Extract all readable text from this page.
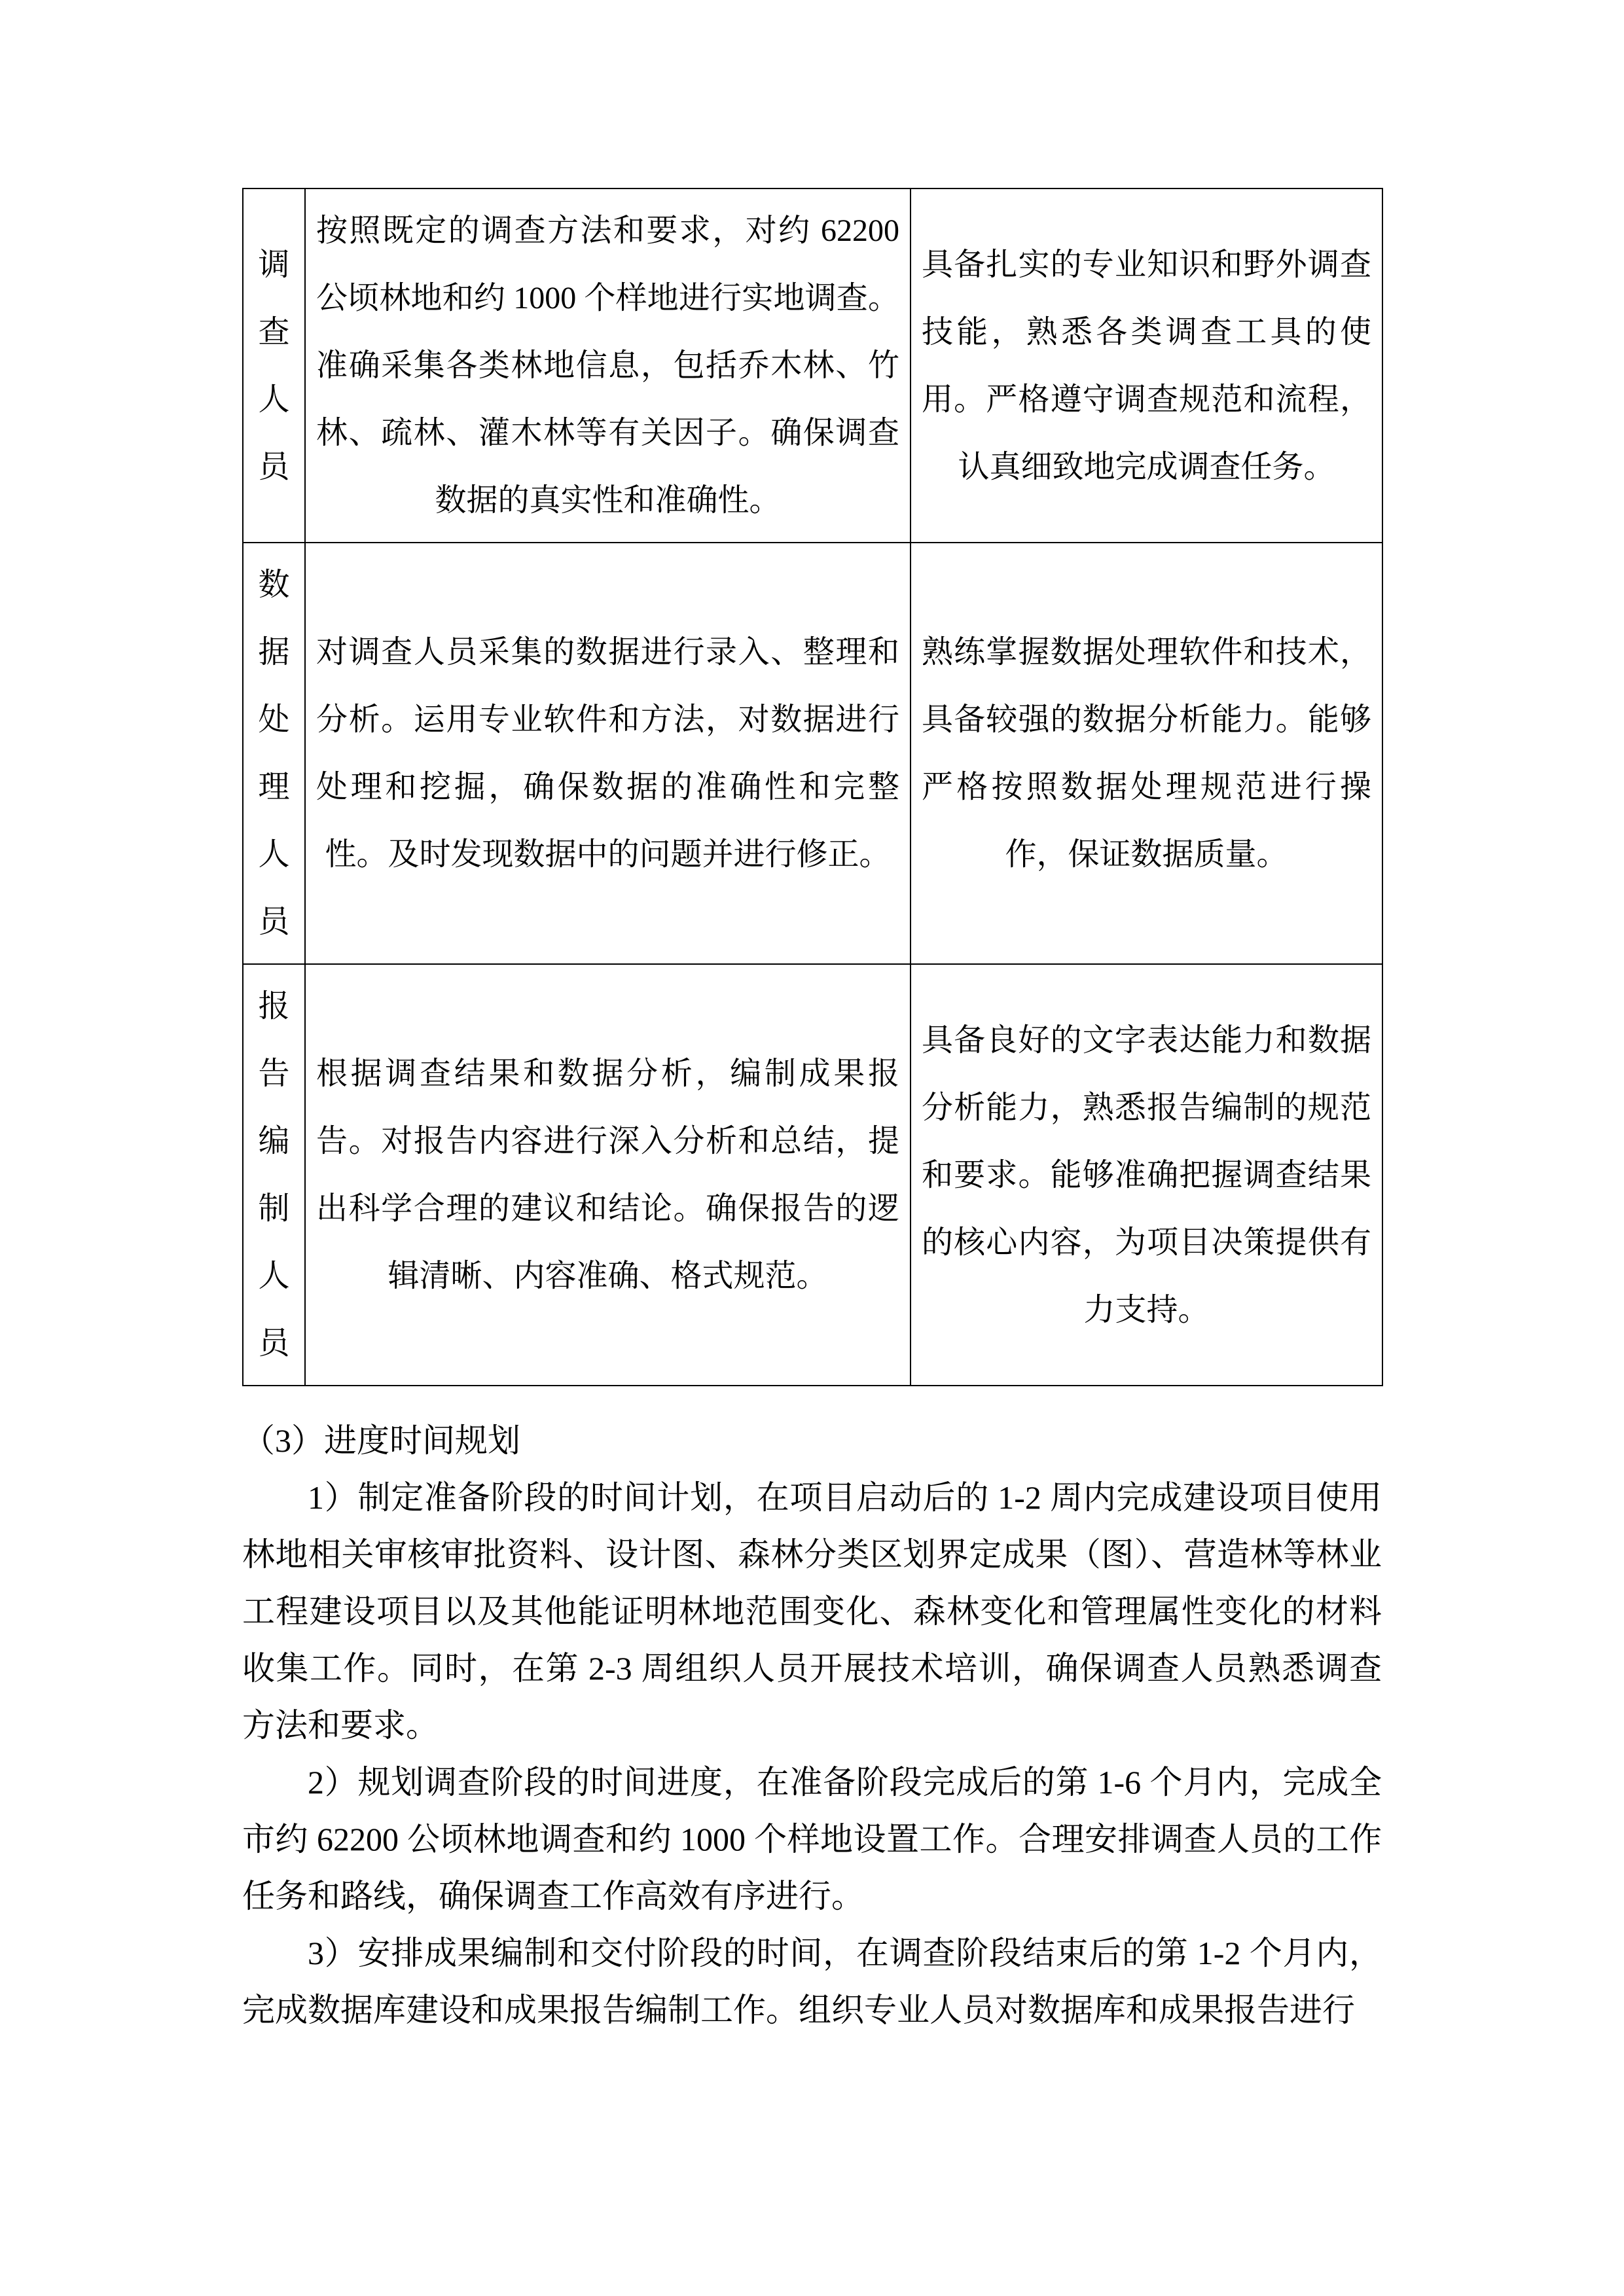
调查人员	按照既定的调查方法和要求，对约 62200 公顷林地和约 1000 个样地进行实地调查。准确采集各类林地信息，包括乔木林、竹林、疏林、灌木林等有关因子。确保调查数据的真实性和准确性。	具备扎实的专业知识和野外调查技能，熟悉各类调查工具的使用。严格遵守调查规范和流程，认真细致地完成调查任务。
数据处理人员	对调查人员采集的数据进行录入、整理和分析。运用专业软件和方法，对数据进行处理和挖掘，确保数据的准确性和完整性。及时发现数据中的问题并进行修正。	熟练掌握数据处理软件和技术，具备较强的数据分析能力。能够严格按照数据处理规范进行操作，保证数据质量。
报告编制人员	根据调查结果和数据分析，编制成果报告。对报告内容进行深入分析和总结，提出科学合理的建议和结论。确保报告的逻辑清晰、内容准确、格式规范。	具备良好的文字表达能力和数据分析能力，熟悉报告编制的规范和要求。能够准确把握调查结果的核心内容，为项目决策提供有力支持。

（3）进度时间规划

1）制定准备阶段的时间计划，在项目启动后的 1-2 周内完成建设项目使用林地相关审核审批资料、设计图、森林分类区划界定成果（图）、营造林等林业工程建设项目以及其他能证明林地范围变化、森林变化和管理属性变化的材料收集工作。同时，在第 2-3 周组织人员开展技术培训，确保调查人员熟悉调查方法和要求。

2）规划调查阶段的时间进度，在准备阶段完成后的第 1-6 个月内，完成全市约 62200 公顷林地调查和约 1000 个样地设置工作。合理安排调查人员的工作任务和路线，确保调查工作高效有序进行。

3）安排成果编制和交付阶段的时间，在调查阶段结束后的第 1-2 个月内，完成数据库建设和成果报告编制工作。组织专业人员对数据库和成果报告进行
